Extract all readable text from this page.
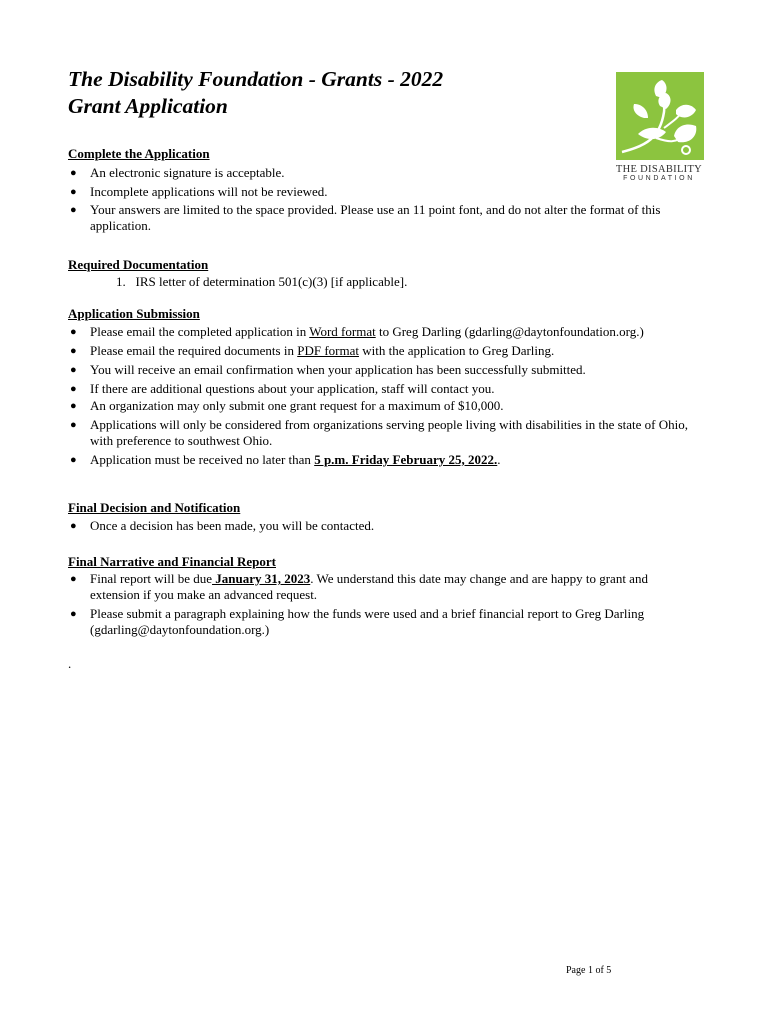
The Disability Foundation - Grants - 2022
Grant Application
THE DISABILITY
FOUNDATION
Complete the Application
● An electronic signature is acceptable.
● Incomplete applications will not be reviewed.
● Your answers are limited to the space provided. Please use an 11 point font, and do not alter the format of this application.
Required Documentation
1. IRS letter of determination 501(c)(3) [if applicable].
Application Submission
● Please email the completed application in Word format to Greg Darling (gdarling@daytonfoundation.org.)
● Please email the required documents in PDF format with the application to Greg Darling.
● You will receive an email confirmation when your application has been successfully submitted.
● If there are additional questions about your application, staff will contact you.
● An organization may only submit one grant request for a maximum of $10,000.
● Applications will only be considered from organizations serving people living with disabilities in the state of Ohio, with preference to southwest Ohio.
● Application must be received no later than 5 p.m. Friday February 25, 2022..
Final Decision and Notification
● Once a decision has been made, you will be contacted.
Final Narrative and Financial Report
● Final report will be due January 31, 2023. We understand this date may change and are happy to grant and extension if you make an advanced request.
● Please submit a paragraph explaining how the funds were used and a brief financial report to Greg Darling (gdarling@daytonfoundation.org.)
.
Page 1 of 5
